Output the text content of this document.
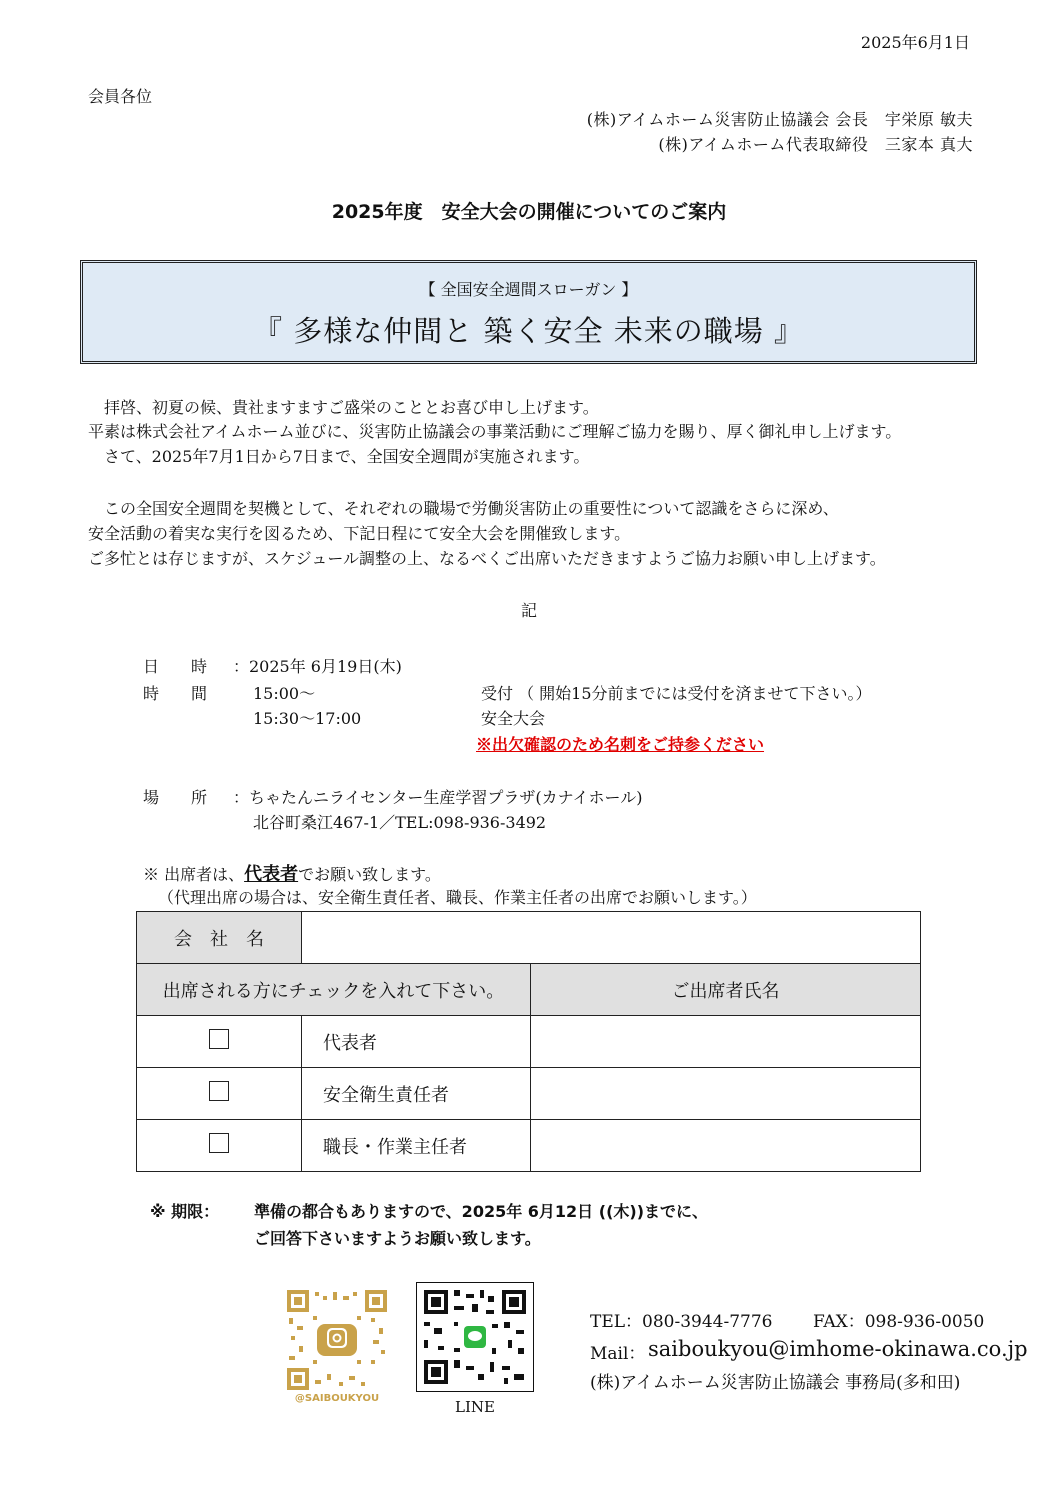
2025年6月1日
会員各位
(株)アイムホーム災害防止協議会 会長　宇栄原 敏夫
(株)アイムホーム代表取締役　三家本 真大
2025年度　安全大会の開催についてのご案内
【 全国安全週間スローガン 】
『 多様な仲間と 築く安全 未来の職場 』
　拝啓、初夏の候、貴社ますますご盛栄のこととお喜び申し上げます。
平素は株式会社アイムホーム並びに、災害防止協議会の事業活動にご理解ご協力を賜り、厚く御礼申し上げます。
　さて、2025年7月1日から7日まで、全国安全週間が実施されます。
　この全国安全週間を契機として、それぞれの職場で労働災害防止の重要性について認識をさらに深め、
安全活動の着実な実行を図るため、下記日程にて安全大会を開催致します。
ご多忙とは存じますが、スケジュール調整の上、なるべくご出席いただきますようご協力お願い申し上げます。
記
日　　時 ：2025年 6月19日(木)
時　　間	15:00～	受付 （ 開始15分前までには受付を済ませて下さい。）
15:30～17:00	安全大会
※出欠確認のため名刺をご持参ください
場　　所 ：ちゃたんニライセンター生産学習プラザ(カナイホール)
北谷町桑江467-1／TEL:098-936-3492
※ 出席者は、代表者でお願い致します。
（代理出席の場合は、安全衛生責任者、職長、作業主任者の出席でお願いします。）
会　社　名		
出席される方にチェックを入れて下さい。		ご出席者氏名
	代表者	
	安全衛生責任者	
	職長・作業主任者	
※ 期限： 準備の都合もありますので、2025年 6月12日 ((木))までに、
ご回答下さいますようお願い致します。
@SAIBOUKYOU	LINE
TEL：080-3944-7776 FAX：098-936-0050
Mail： saiboukyou@imhome-okinawa.co.jp
(株)アイムホーム災害防止協議会 事務局(多和田)
